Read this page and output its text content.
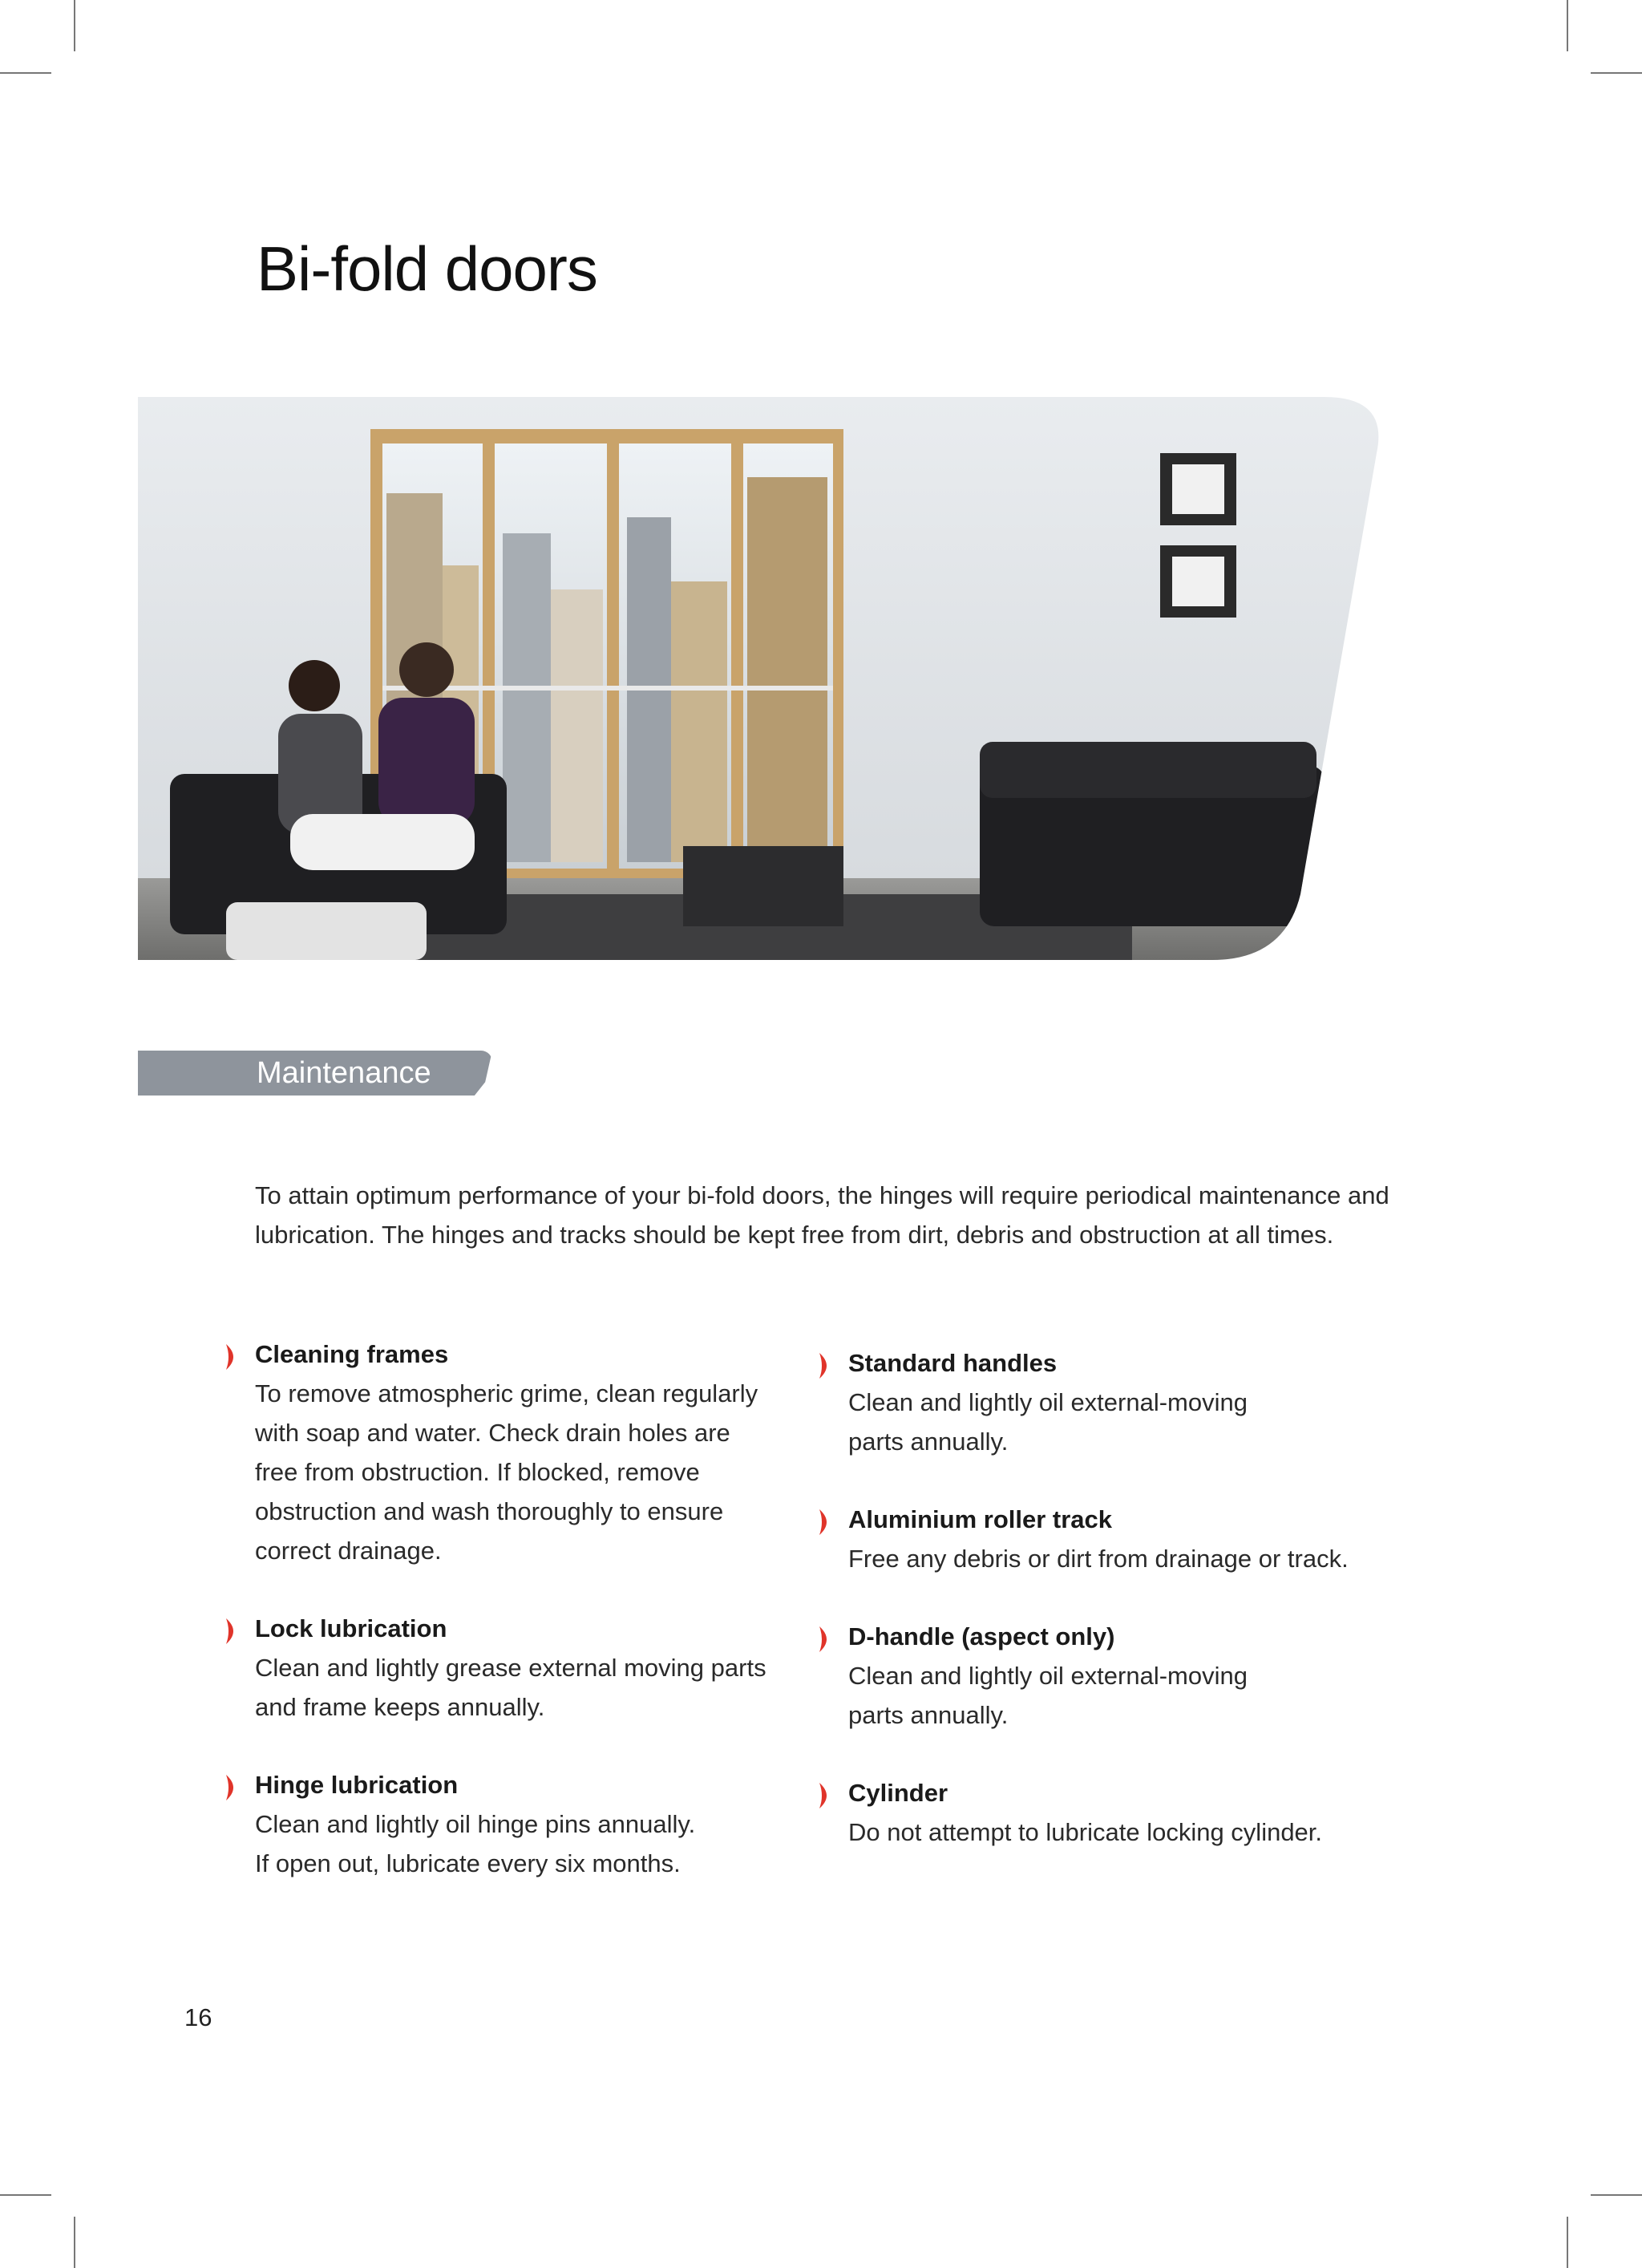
Bi-fold doors
Maintenance

To attain optimum performance of your bi-fold doors, the hinges will require periodical maintenance and lubrication. The hinges and tracks should be kept free from dirt, debris and obstruction at all times.

Cleaning frames
To remove atmospheric grime, clean regularly
with soap and water. Check drain holes are
free from obstruction. If blocked, remove
obstruction and wash thoroughly to ensure
correct drainage.
Lock lubrication
Clean and lightly grease external moving parts
and frame keeps annually.
Hinge lubrication
Clean and lightly oil hinge pins annually.
If open out, lubricate every six months.
Standard handles
Clean and lightly oil external-moving
parts annually.
Aluminium roller track
Free any debris or dirt from drainage or track.
D-handle (aspect only)
Clean and lightly oil external-moving
parts annually.
Cylinder
Do not attempt to lubricate locking cylinder.
16
